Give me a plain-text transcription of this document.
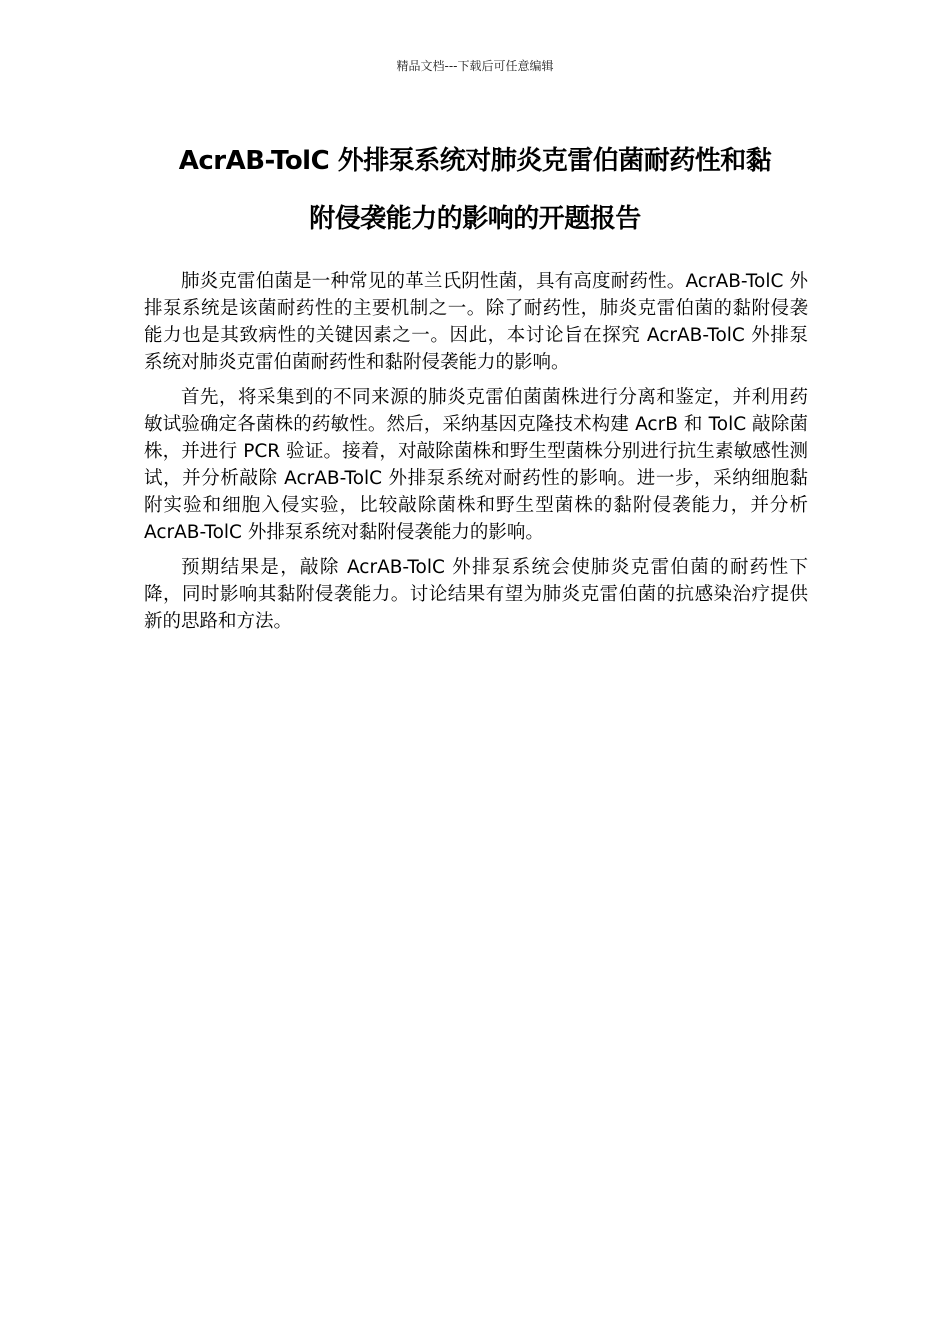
精品文档---下载后可任意编辑
AcrAB-TolC 外排泵系统对肺炎克雷伯菌耐药性和黏
附侵袭能力的影响的开题报告

肺炎克雷伯菌是一种常见的革兰氏阴性菌，具有高度耐药性。AcrAB-TolC 外排泵系统是该菌耐药性的主要机制之一。除了耐药性，肺炎克雷伯菌的黏附侵袭能力也是其致病性的关键因素之一。因此，本讨论旨在探究 AcrAB-TolC 外排泵系统对肺炎克雷伯菌耐药性和黏附侵袭能力的影响。

首先，将采集到的不同来源的肺炎克雷伯菌菌株进行分离和鉴定，并利用药敏试验确定各菌株的药敏性。然后，采纳基因克隆技术构建 AcrB 和 TolC 敲除菌株，并进行 PCR 验证。接着，对敲除菌株和野生型菌株分别进行抗生素敏感性测试，并分析敲除 AcrAB-TolC 外排泵系统对耐药性的影响。进一步，采纳细胞黏附实验和细胞入侵实验，比较敲除菌株和野生型菌株的黏附侵袭能力，并分析 AcrAB-TolC 外排泵系统对黏附侵袭能力的影响。

预期结果是，敲除 AcrAB-TolC 外排泵系统会使肺炎克雷伯菌的耐药性下降，同时影响其黏附侵袭能力。讨论结果有望为肺炎克雷伯菌的抗感染治疗提供新的思路和方法。
